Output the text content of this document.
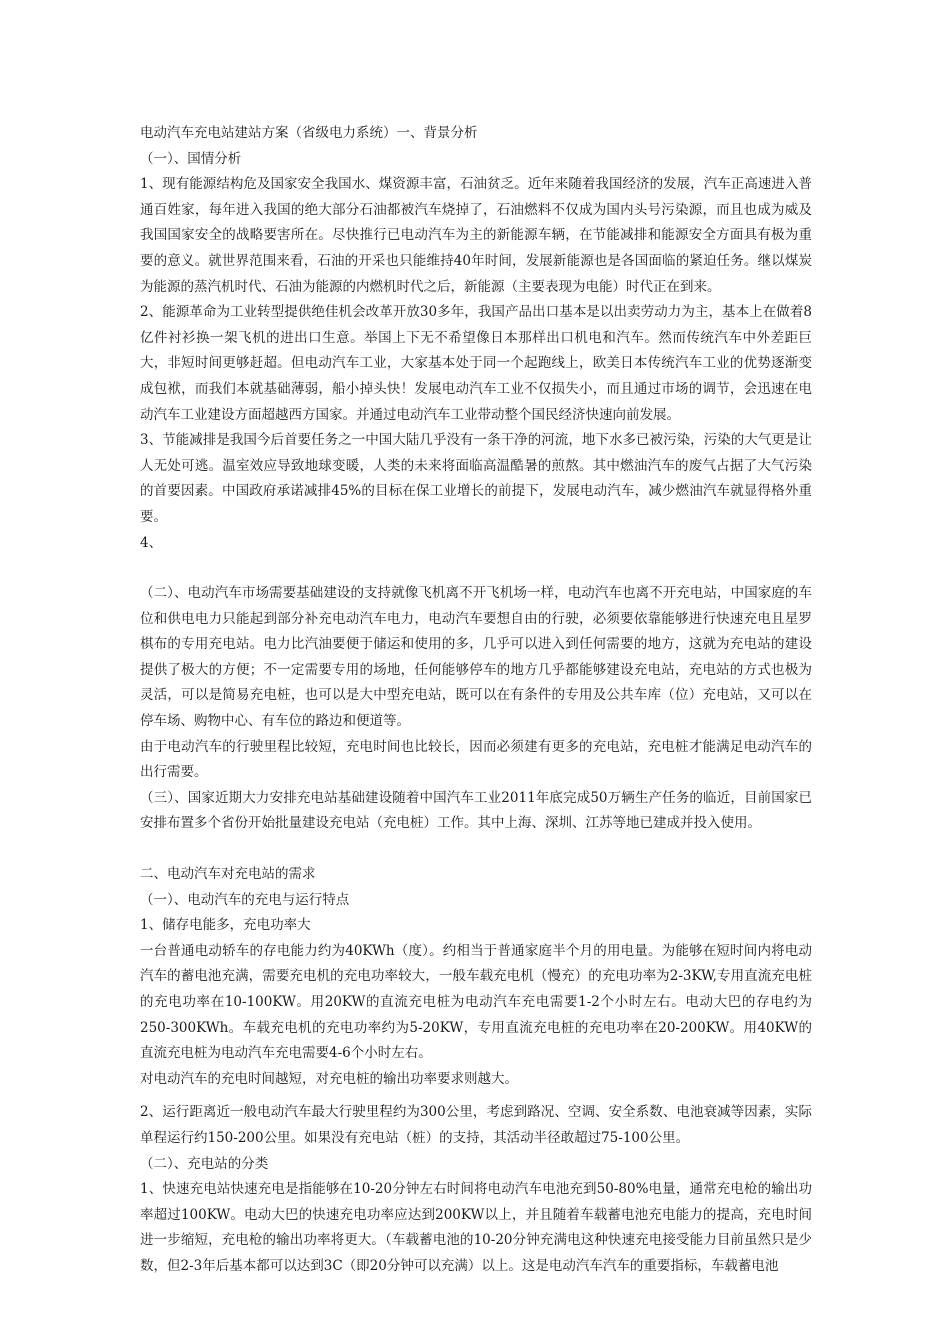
电动汽车充电站建站方案（省级电力系统）一、背景分析

（一）、国情分析

1、现有能源结构危及国家安全我国水、煤资源丰富，石油贫乏。近年来随着我国经济的发展，汽车正高速进入普通百姓家，每年进入我国的绝大部分石油都被汽车烧掉了，石油燃料不仅成为国内头号污染源，而且也成为威及我国国家安全的战略要害所在。尽快推行已电动汽车为主的新能源车辆，在节能减排和能源安全方面具有极为重要的意义。就世界范围来看，石油的开采也只能维持40年时间，发展新能源也是各国面临的紧迫任务。继以煤炭为能源的蒸汽机时代、石油为能源的内燃机时代之后，新能源（主要表现为电能）时代正在到来。

2、能源革命为工业转型提供绝佳机会改革开放30多年，我国产品出口基本是以出卖劳动力为主，基本上在做着8亿件衬衫换一架飞机的进出口生意。举国上下无不希望像日本那样出口机电和汽车。然而传统汽车中外差距巨大，非短时间更够赶超。但电动汽车工业，大家基本处于同一个起跑线上，欧美日本传统汽车工业的优势逐渐变成包袱，而我们本就基础薄弱，船小掉头快！发展电动汽车工业不仅损失小，而且通过市场的调节，会迅速在电动汽车工业建设方面超越西方国家。并通过电动汽车工业带动整个国民经济快速向前发展。

3、节能减排是我国今后首要任务之一中国大陆几乎没有一条干净的河流，地下水多已被污染，污染的大气更是让人无处可逃。温室效应导致地球变暖，人类的未来将面临高温酷暑的煎熬。其中燃油汽车的废气占据了大气污染的首要因素。中国政府承诺减排45%的目标在保工业增长的前提下，发展电动汽车，减少燃油汽车就显得格外重要。

4、

（二）、电动汽车市场需要基础建设的支持就像飞机离不开飞机场一样，电动汽车也离不开充电站，中国家庭的车位和供电电力只能起到部分补充电动汽车电力，电动汽车要想自由的行驶，必须要依靠能够进行快速充电且星罗棋布的专用充电站。电力比汽油要便于储运和使用的多，几乎可以进入到任何需要的地方，这就为充电站的建设提供了极大的方便；不一定需要专用的场地，任何能够停车的地方几乎都能够建设充电站，充电站的方式也极为灵活，可以是简易充电桩，也可以是大中型充电站，既可以在有条件的专用及公共车库（位）充电站，又可以在停车场、购物中心、有车位的路边和便道等。

由于电动汽车的行驶里程比较短，充电时间也比较长，因而必须建有更多的充电站，充电桩才能满足电动汽车的出行需要。

（三）、国家近期大力安排充电站基础建设随着中国汽车工业2011年底完成50万辆生产任务的临近，目前国家已安排布置多个省份开始批量建设充电站（充电桩）工作。其中上海、深圳、江苏等地已建成并投入使用。

二、电动汽车对充电站的需求

（一）、电动汽车的充电与运行特点

1、储存电能多，充电功率大

一台普通电动轿车的存电能力约为40KWh（度）。约相当于普通家庭半个月的用电量。为能够在短时间内将电动汽车的蓄电池充满，需要充电机的充电功率较大，一般车载充电机（慢充）的充电功率为2-3KW,专用直流充电桩的充电功率在10-100KW。用20KW的直流充电桩为电动汽车充电需要1-2个小时左右。电动大巴的存电约为250-300KWh。车载充电机的充电功率约为5-20KW，专用直流充电桩的充电功率在20-200KW。用40KW的直流充电桩为电动汽车充电需要4-6个小时左右。

对电动汽车的充电时间越短，对充电桩的输出功率要求则越大。

2、运行距离近一般电动汽车最大行驶里程约为300公里，考虑到路况、空调、安全系数、电池衰减等因素，实际单程运行约150-200公里。如果没有充电站（桩）的支持，其活动半径敢超过75-100公里。

（二）、充电站的分类

1、快速充电站快速充电是指能够在10-20分钟左右时间将电动汽车电池充到50-80%电量，通常充电枪的输出功率超过100KW。电动大巴的快速充电功率应达到200KW以上，并且随着车载蓄电池充电能力的提高，充电时间进一步缩短，充电枪的输出功率将更大。（车载蓄电池的10-20分钟充满电这种快速充电接受能力目前虽然只是少数，但2-3年后基本都可以达到3C（即20分钟可以充满）以上。这是电动汽车汽车的重要指标，车载蓄电池
